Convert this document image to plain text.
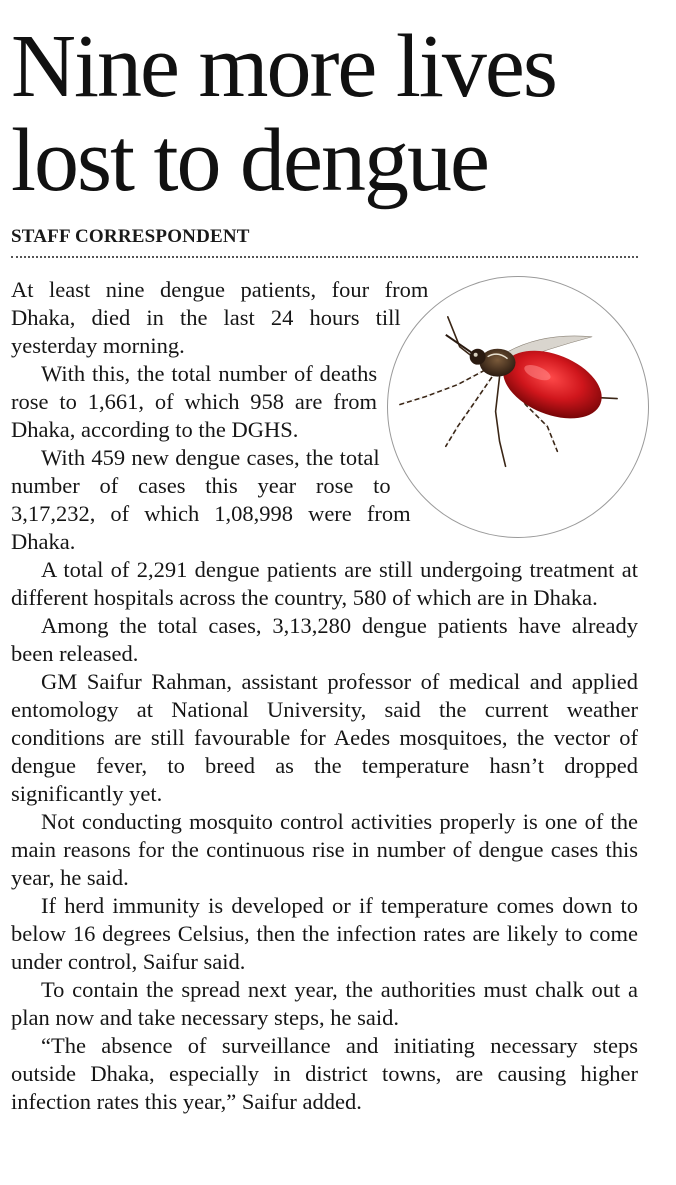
Nine more lives
lost to dengue
STAFF CORRESPONDENT

At least nine dengue patients, four from Dhaka, died in the last 24 hours till yesterday morning.

With this, the total number of deaths rose to 1,661, of which 958 are from Dhaka, according to the DGHS.

With 459 new dengue cases, the total number of cases this year rose to 3,17,232, of which 1,08,998 were from Dhaka.

A total of 2,291 dengue patients are still undergoing treatment at different hospitals across the country, 580 of which are in Dhaka.

Among the total cases, 3,13,280 dengue patients have already been released.

GM Saifur Rahman, assistant professor of medical and applied entomology at National University, said the current weather conditions are still favourable for Aedes mosquitoes, the vector of dengue fever, to breed as the temperature hasn’t dropped significantly yet.

Not conducting mosquito control activities properly is one of the main reasons for the continuous rise in number of dengue cases this year, he said.

If herd immunity is developed or if temperature comes down to below 16 degrees Celsius, then the infection rates are likely to come under control, Saifur said.

To contain the spread next year, the authorities must chalk out a plan now and take necessary steps, he said.

“The absence of surveillance and initiating necessary steps outside Dhaka, especially in district towns, are causing higher infection rates this year,” Saifur added.
